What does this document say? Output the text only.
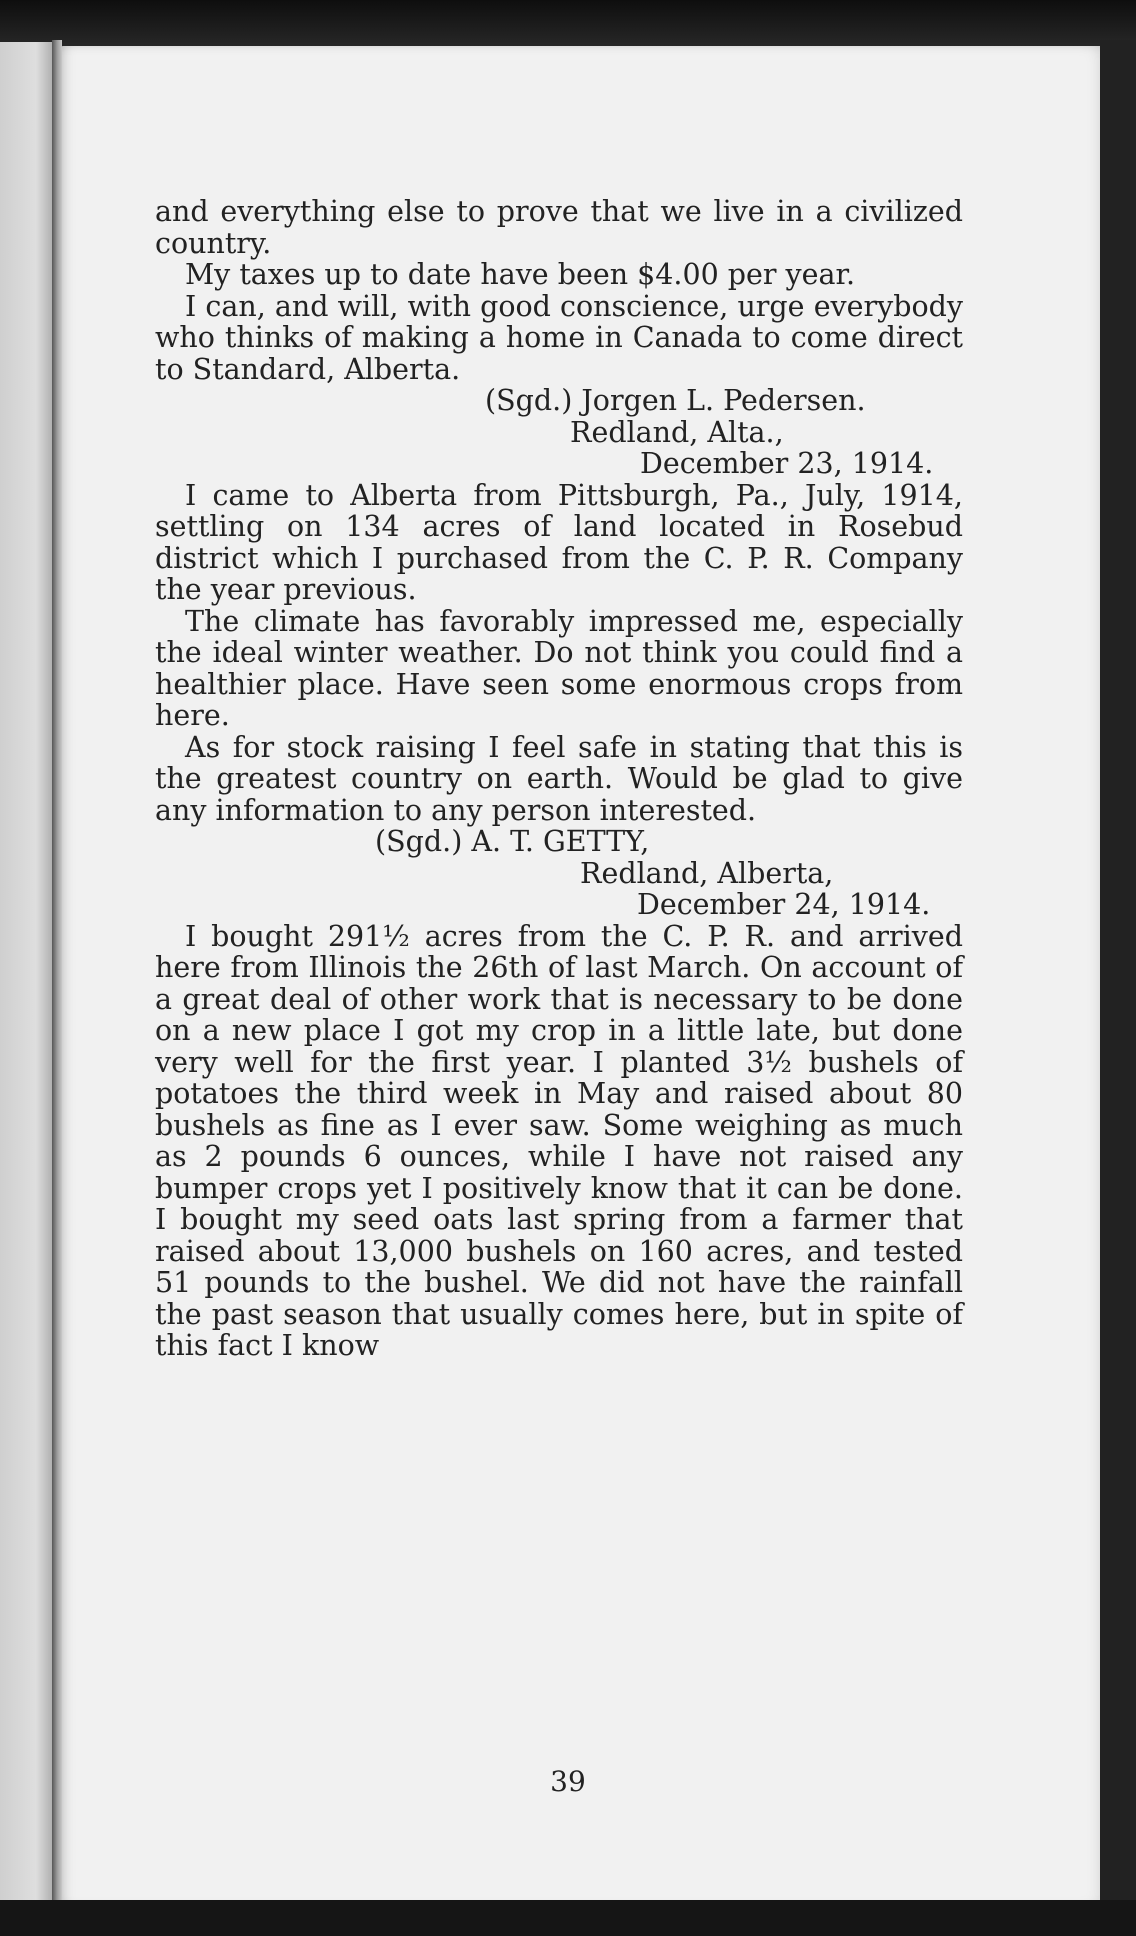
and everything else to prove that we live in a civilized country.

My taxes up to date have been $4.00 per year.

I can, and will, with good conscience, urge everybody who thinks of making a home in Canada to come direct to Standard, Alberta.

(Sgd.) Jorgen L. Pedersen.

Redland, Alta.,

December 23, 1914.

I came to Alberta from Pittsburgh, Pa., July, 1914, settling on 134 acres of land located in Rosebud district which I purchased from the C. P. R. Company the year previous.

The climate has favorably impressed me, especially the ideal winter weather. Do not think you could find a healthier place. Have seen some enormous crops from here.

As for stock raising I feel safe in stating that this is the greatest country on earth. Would be glad to give any information to any person interested.

(Sgd.) A. T. GETTY,

Redland, Alberta,

December 24, 1914.

I bought 291½ acres from the C. P. R. and arrived here from Illinois the 26th of last March. On account of a great deal of other work that is necessary to be done on a new place I got my crop in a little late, but done very well for the first year. I planted 3½ bushels of potatoes the third week in May and raised about 80 bushels as fine as I ever saw. Some weighing as much as 2 pounds 6 ounces, while I have not raised any bumper crops yet I positively know that it can be done. I bought my seed oats last spring from a farmer that raised about 13,000 bushels on 160 acres, and tested 51 pounds to the bushel. We did not have the rainfall the past season that usually comes here, but in spite of this fact I know

39
